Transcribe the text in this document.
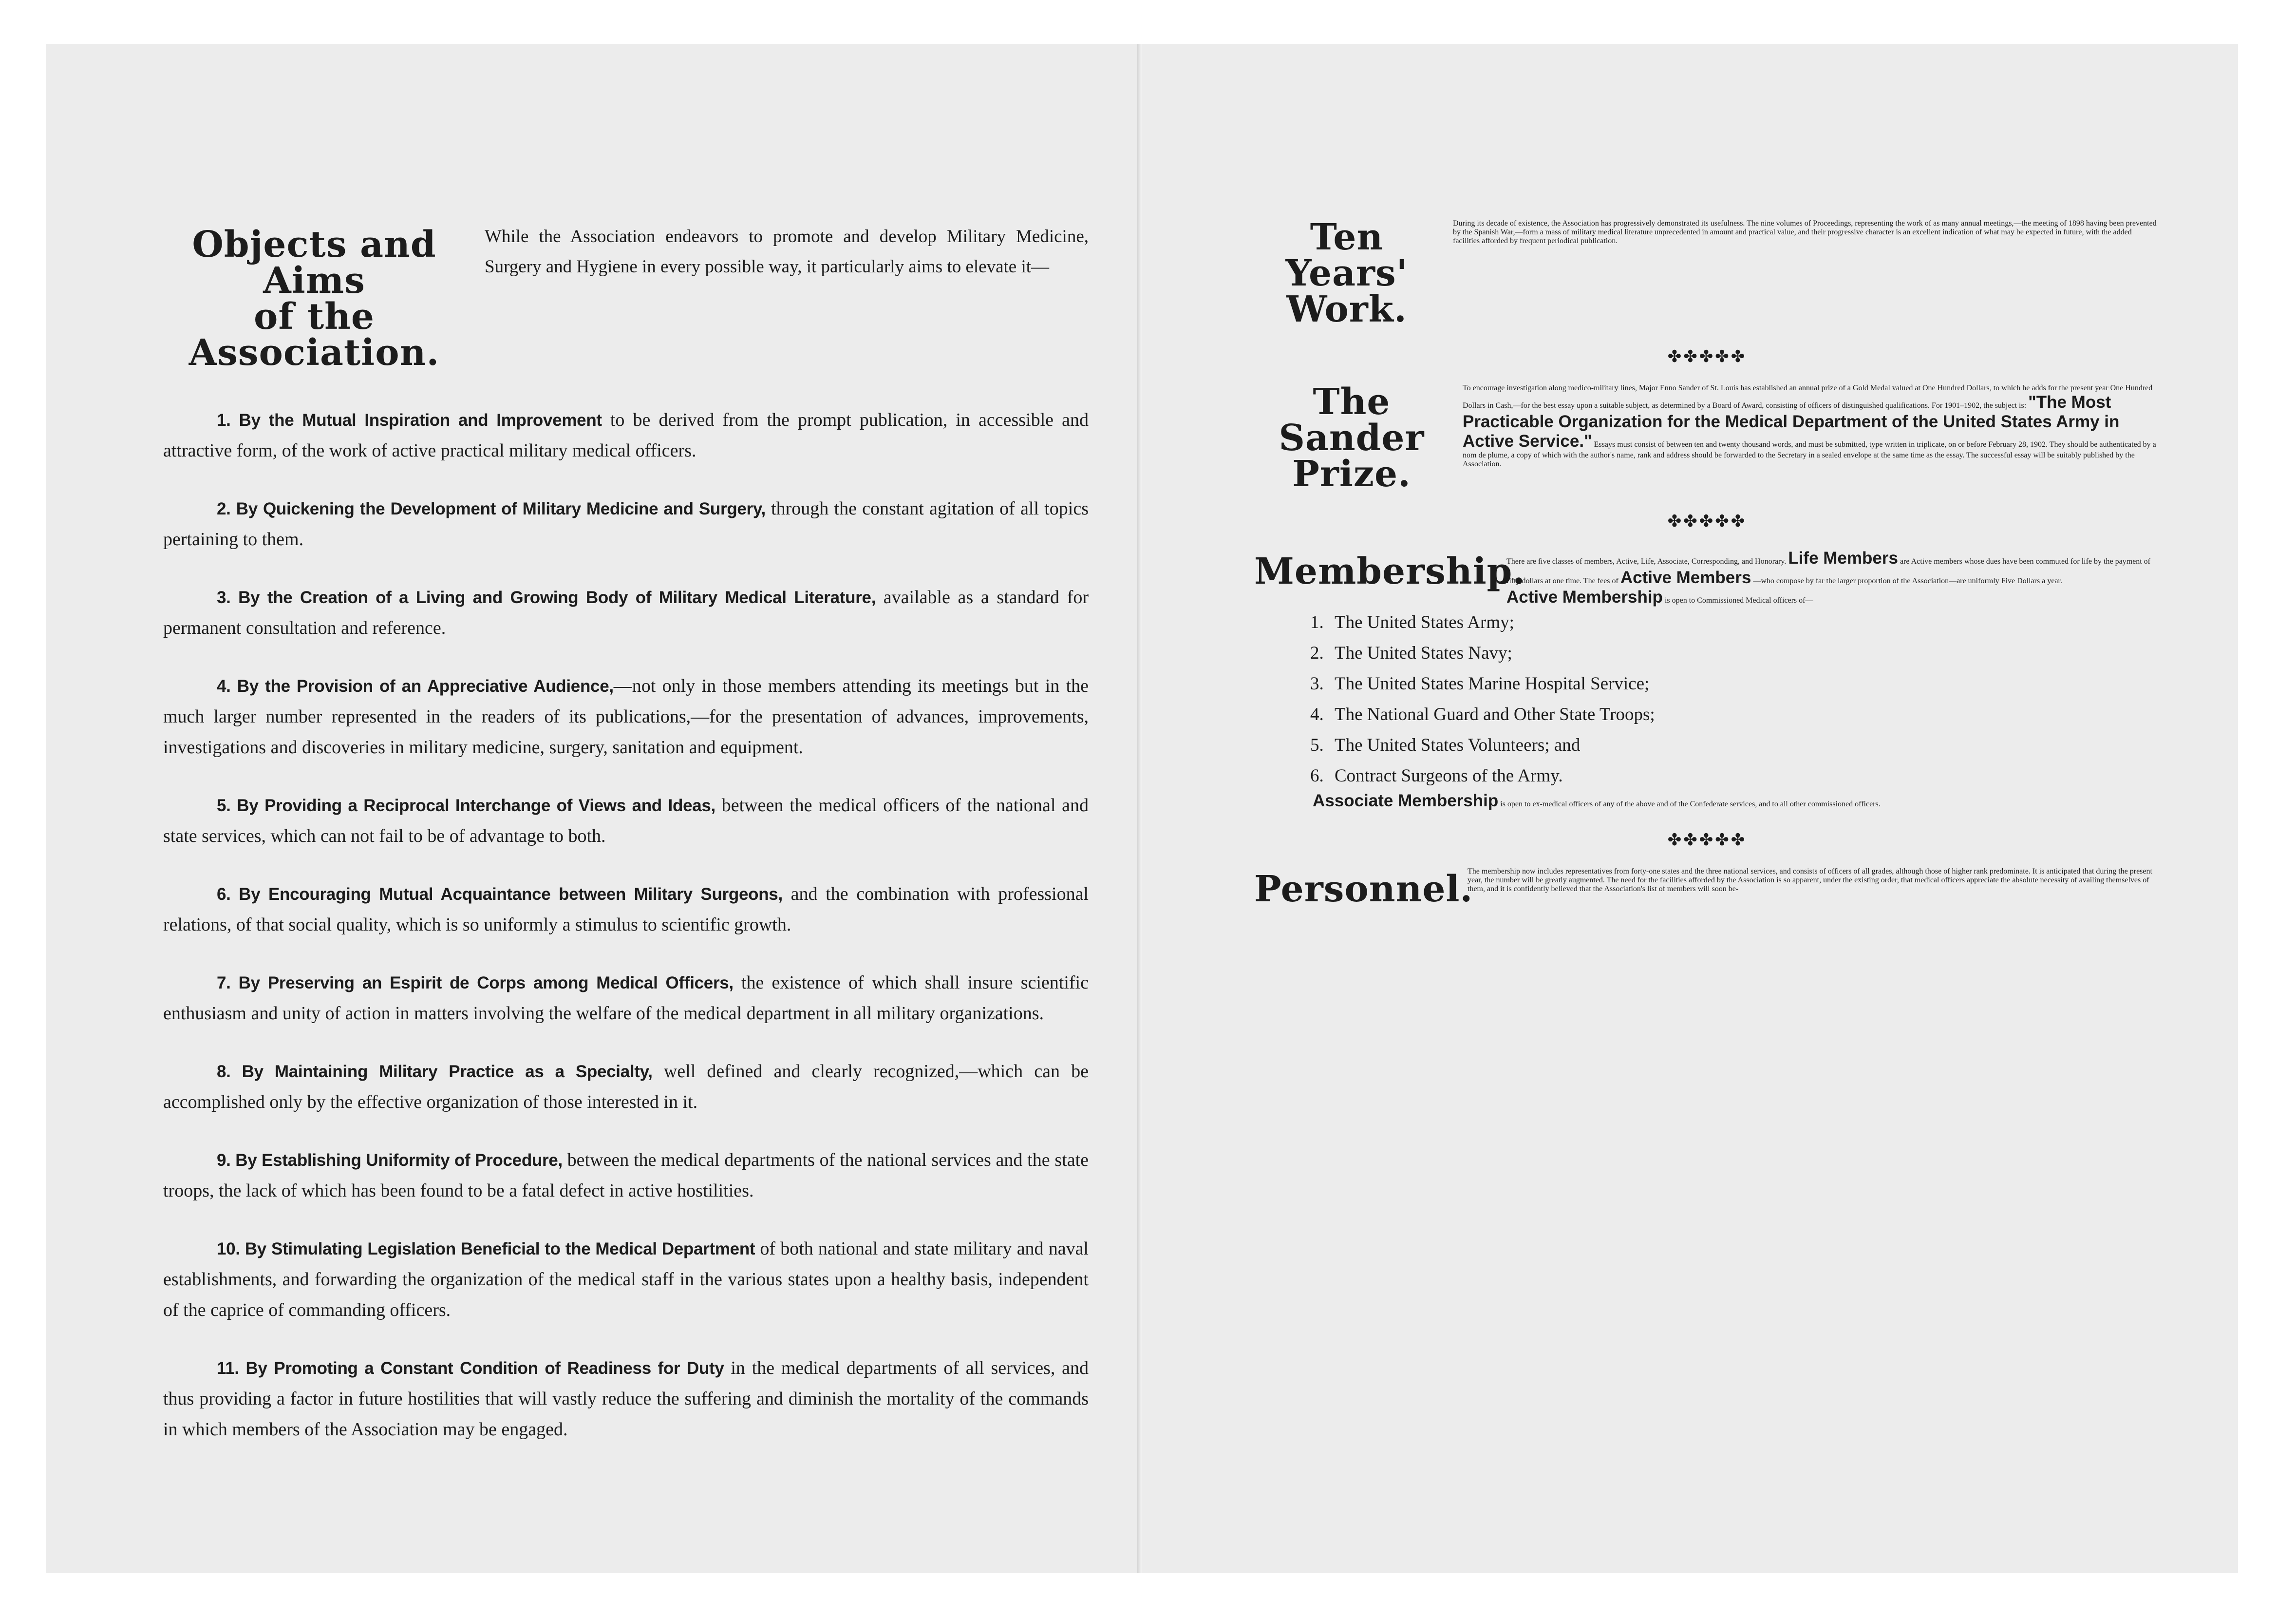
Objects and Aims
of the Association.
While the Association endeavors to promote and develop Military Medicine, Surgery and Hygiene in every possible way, it particularly aims to elevate it—

1. By the Mutual Inspiration and Improvement to be derived from the prompt publication, in accessible and attractive form, of the work of active practical military medical officers.

2. By Quickening the Development of Military Medicine and Surgery, through the constant agitation of all topics pertaining to them.

3. By the Creation of a Living and Growing Body of Military Medical Literature, available as a standard for permanent consultation and reference.

4. By the Provision of an Appreciative Audience,—not only in those members attending its meetings but in the much larger number represented in the readers of its publications,—for the presentation of advances, improvements, investigations and discoveries in military medicine, surgery, sanitation and equipment.

5. By Providing a Reciprocal Interchange of Views and Ideas, between the medical officers of the national and state services, which can not fail to be of advantage to both.

6. By Encouraging Mutual Acquaintance between Military Surgeons, and the combination with professional relations, of that social quality, which is so uniformly a stimulus to scientific growth.

7. By Preserving an Espirit de Corps among Medical Officers, the existence of which shall insure scientific enthusiasm and unity of action in matters involving the welfare of the medical department in all military organizations.

8. By Maintaining Military Practice as a Specialty, well defined and clearly recognized,—which can be accomplished only by the effective organization of those interested in it.

9. By Establishing Uniformity of Procedure, between the medical departments of the national services and the state troops, the lack of which has been found to be a fatal defect in active hostilities.

10. By Stimulating Legislation Beneficial to the Medical Department of both national and state military and naval establishments, and forwarding the organization of the medical staff in the various states upon a healthy basis, independent of the caprice of commanding officers.

11. By Promoting a Constant Condition of Readiness for Duty in the medical departments of all services, and thus providing a factor in future hostilities that will vastly reduce the suffering and diminish the mortality of the commands in which members of the Association may be engaged.

Ten Years'
Work.
During its decade of existence, the Association has progressively demonstrated its usefulness. The nine volumes of Proceedings, representing the work of as many annual meetings,—the meeting of 1898 having been prevented by the Spanish War,—form a mass of military medical literature unprecedented in amount and practical value, and their progressive character is an excellent indication of what may be expected in future, with the added facilities afforded by frequent periodical publication.
✤✤✤✤✤
The Sander
Prize.
To encourage investigation along medico-military lines, Major Enno Sander of St. Louis has established an annual prize of a Gold Medal valued at One Hundred Dollars, to which he adds for the present year One Hundred Dollars in Cash,—for the best essay upon a suitable subject, as determined by a Board of Award, consisting of officers of distinguished qualifications. For 1901–1902, the subject is: "The Most Practicable Organization for the Medical Department of the United States Army in Active Service." Essays must consist of between ten and twenty thousand words, and must be submitted, type written in triplicate, on or before February 28, 1902. They should be authenticated by a nom de plume, a copy of which with the author's name, rank and address should be forwarded to the Secretary in a sealed envelope at the same time as the essay. The successful essay will be suitably published by the Association.
✤✤✤✤✤
Membership.
There are five classes of members, Active, Life, Associate, Corresponding, and Honorary. Life Members are Active members whose dues have been commuted for life by the payment of fifty dollars at one time. The fees of Active Members —who compose by far the larger proportion of the Association—are uniformly Five Dollars a year.
Active Membership is open to Commissioned Medical officers of—
1. The United States Army;
2. The United States Navy;
3. The United States Marine Hospital Service;
4. The National Guard and Other State Troops;
5. The United States Volunteers; and
6. Contract Surgeons of the Army.
Associate Membership is open to ex-medical officers of any of the above and of the Confederate services, and to all other commissioned officers.
✤✤✤✤✤
Personnel.
The membership now includes representatives from forty-one states and the three national services, and consists of officers of all grades, although those of higher rank predominate. It is anticipated that during the present year, the number will be greatly augmented. The need for the facilities afforded by the Association is so apparent, under the existing order, that medical officers appreciate the absolute necessity of availing themselves of them, and it is confidently believed that the Association's list of members will soon be-
